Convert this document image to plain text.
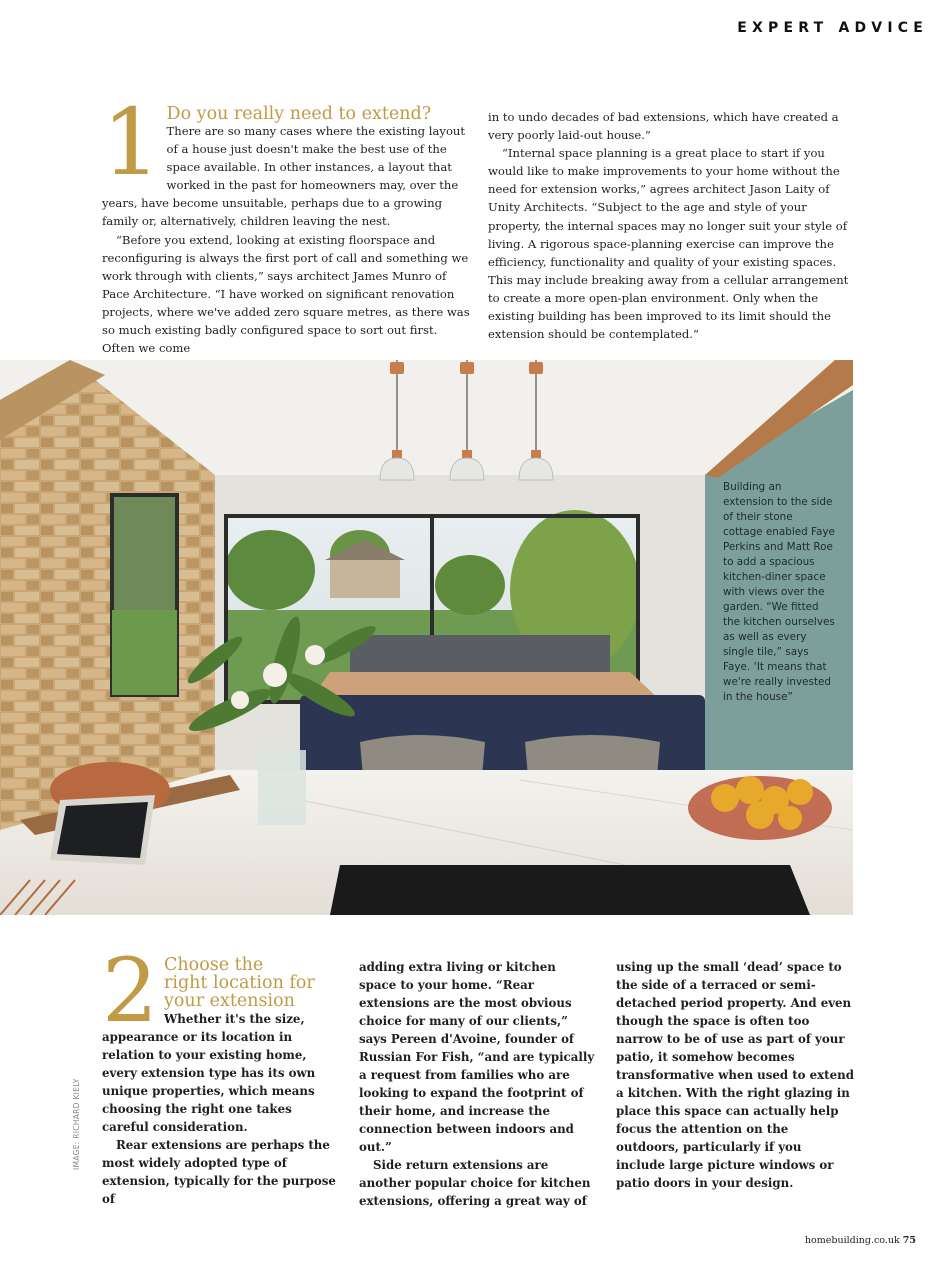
EXPERT ADVICE
1 Do you really need to extend?

There are so many cases where the existing layout of a house just doesn't make the best use of the space available. In other instances, a layout that worked in the past for homeowners may, over the years, have become unsuitable, perhaps due to a growing family or, alternatively, children leaving the nest.

“Before you extend, looking at existing floorspace and reconfiguring is always the first port of call and something we work through with clients,” says architect James Munro of Pace Architecture. “I have worked on significant renovation projects, where we've added zero square metres, as there was so much existing badly configured space to sort out first. Often we come

in to undo decades of bad extensions, which have created a very poorly laid-out house.”

“Internal space planning is a great place to start if you would like to make improvements to your home without the need for extension works,” agrees architect Jason Laity of Unity Architects. “Subject to the age and style of your property, the internal spaces may no longer suit your style of living. A rigorous space-planning exercise can improve the efficiency, functionality and quality of your existing spaces. This may include breaking away from a cellular arrangement to create a more open-plan environment. Only when the existing building has been improved to its limit should the extension should be contemplated.”

Building an extension to the side of their stone cottage enabled Faye Perkins and Matt Roe to add a spacious kitchen-diner space with views over the garden. “We fitted the kitchen ourselves as well as every single tile,” says Faye. ‘It means that we're really invested in the house”
2 Choose the
right location for
your extension

Whether it's the size, appearance or its location in relation to your existing home, every extension type has its own unique properties, which means choosing the right one takes careful consideration.

Rear extensions are perhaps the most widely adopted type of extension, typically for the purpose of

adding extra living or kitchen space to your home. “Rear extensions are the most obvious choice for many of our clients,” says Pereen d'Avoine, founder of Russian For Fish, “and are typically a request from families who are looking to expand the footprint of their home, and increase the connection between indoors and out.”

Side return extensions are another popular choice for kitchen extensions, offering a great way of

using up the small ‘dead’ space to the side of a terraced or semi-detached period property. And even though the space is often too narrow to be of use as part of your patio, it somehow becomes transformative when used to extend a kitchen. With the right glazing in place this space can actually help focus the attention on the outdoors, particularly if you include large picture windows or patio doors in your design.

IMAGE: RICHARD KIELY
homebuilding.co.uk 75
